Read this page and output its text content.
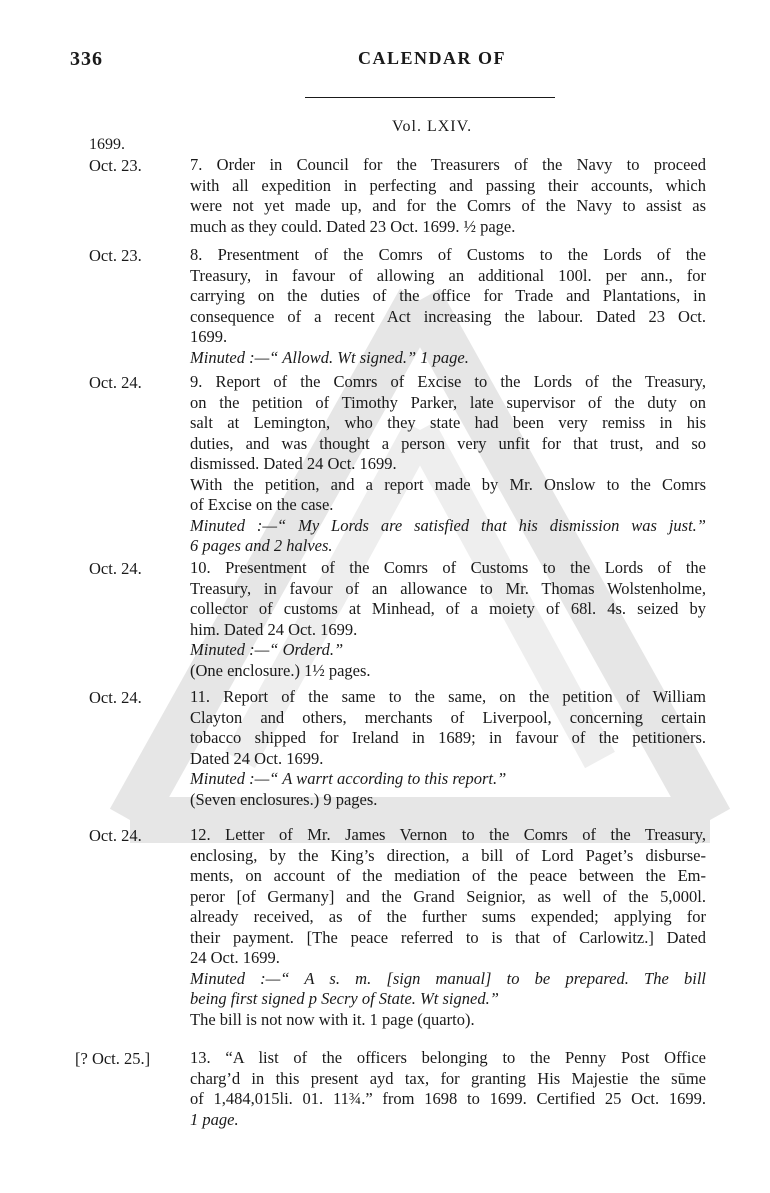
336	CALENDAR OF
Vol. LXIV.
1699.
Oct. 23.	7. Order in Council for the Treasurers of the Navy to proceed
with all expedition in perfecting and passing their accounts, which
were not yet made up, and for the Comrs of the Navy to assist as
much as they could. Dated 23 Oct. 1699. ½ page.
Oct. 23.	8. Presentment of the Comrs of Customs to the Lords of the
Treasury, in favour of allowing an additional 100l. per ann., for
carrying on the duties of the office for Trade and Plantations, in
consequence of a recent Act increasing the labour. Dated 23 Oct.
1699.
Minuted :—“ Allowd. Wt signed.” 1 page.
Oct. 24.	9. Report of the Comrs of Excise to the Lords of the Treasury,
on the petition of Timothy Parker, late supervisor of the duty on
salt at Lemington, who they state had been very remiss in his
duties, and was thought a person very unfit for that trust, and so
dismissed. Dated 24 Oct. 1699.
With the petition, and a report made by Mr. Onslow to the Comrs
of Excise on the case.
Minuted :—“ My Lords are satisfied that his dismission was just.”
6 pages and 2 halves.
Oct. 24.	10. Presentment of the Comrs of Customs to the Lords of the
Treasury, in favour of an allowance to Mr. Thomas Wolstenholme,
collector of customs at Minhead, of a moiety of 68l. 4s. seized by
him. Dated 24 Oct. 1699.
Minuted :—“ Orderd.”
(One enclosure.) 1½ pages.
Oct. 24.	11. Report of the same to the same, on the petition of William
Clayton and others, merchants of Liverpool, concerning certain
tobacco shipped for Ireland in 1689; in favour of the petitioners.
Dated 24 Oct. 1699.
Minuted :—“ A warrt according to this report.”
(Seven enclosures.) 9 pages.
Oct. 24.	12. Letter of Mr. James Vernon to the Comrs of the Treasury,
enclosing, by the King’s direction, a bill of Lord Paget’s disburse-
ments, on account of the mediation of the peace between the Em-
peror [of Germany] and the Grand Seignior, as well of the 5,000l.
already received, as of the further sums expended; applying for
their payment. [The peace referred to is that of Carlowitz.] Dated
24 Oct. 1699.
Minuted :—“ A s. m. [sign manual] to be prepared. The bill
being first signed p Secry of State. Wt signed.”
The bill is not now with it. 1 page (quarto).
[? Oct. 25.] 13. “A list of the officers belonging to the Penny Post Office
charg’d in this present ayd tax, for granting His Majestie the sūme
of 1,484,015li. 01. 11¾.” from 1698 to 1699. Certified 25 Oct. 1699.
1 page.
